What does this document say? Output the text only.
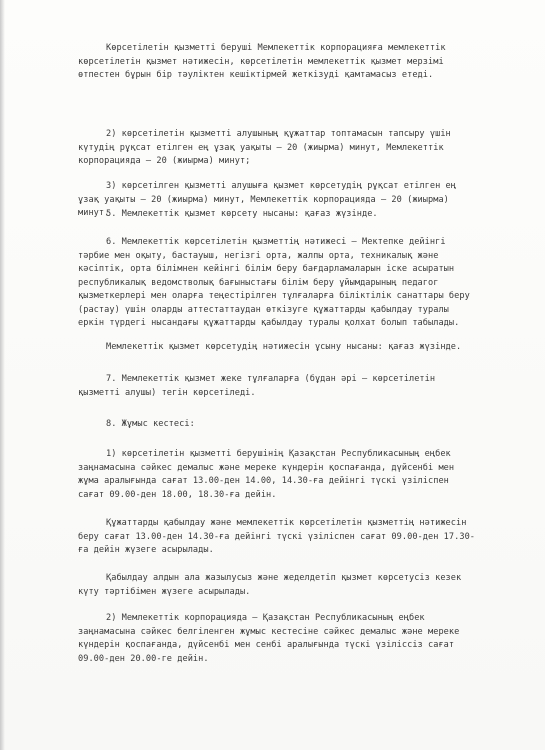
Көрсетілетін қызметті беруші Мемлекеттік корпорацияға мемлекеттік
көрсетілетін қызмет нәтижесін, көрсетілетін мемлекеттік қызмет мерзімі
өтпестен бұрын бір тәуліктен кешіктірмей жеткізуді қамтамасыз етеді.
2) көрсетілетін қызметті алушының құжаттар топтамасын тапсыру үшін
күтудің рұқсат етілген ең ұзақ уақыты – 20 (жиырма) минут, Мемлекеттік
корпорацияда – 20 (жиырма) минут;
3) көрсетілген қызметті алушыға қызмет көрсетудің рұқсат етілген ең
ұзақ уақыты – 20 (жиырма) минут, Мемлекеттік корпорацияда – 20 (жиырма)
минут.
5. Мемлекеттік қызмет көрсету нысаны: қағаз жүзінде.
6. Мемлекеттік көрсетілетін қызметтің нәтижесі – Мектепке дейінгі
тәрбие мен оқыту, бастауыш, негізгі орта, жалпы орта, техникалық және
кәсіптік, орта білімнен кейінгі білім беру бағдарламаларын іске асыратын
республикалық ведомстволық бағыныстағы білім беру ұйымдарының педагог
қызметкерлері мен оларға теңестірілген тұлғаларға біліктілік санаттары беру
(растау) үшін оларды аттестаттаудан өткізуге құжаттарды қабылдау туралы
еркін түрдегі нысандағы құжаттарды қабылдау туралы қолхат болып табылады.
Мемлекеттік қызмет көрсетудің нәтижесін ұсыну нысаны: қағаз жүзінде.
7. Мемлекеттік қызмет жеке тұлғаларға (бұдан әрі – көрсетілетін
қызметті алушы) тегін көрсетіледі.
8. Жұмыс кестесі:
1) көрсетілетін қызметті берушінің Қазақстан Республикасының еңбек
заңнамасына сәйкес демалыс және мереке күндерін қоспағанда, дүйсенбі мен
жұма аралығында сағат 13.00-ден 14.00, 14.30-ға дейінгі түскі үзіліспен
сағат 09.00-ден 18.00, 18.30-ға дейін.
Құжаттарды қабылдау және мемлекеттік көрсетілетін қызметтің нәтижесін
беру сағат 13.00-ден 14.30-ға дейінгі түскі үзіліспен сағат 09.00-ден 17.30-
ға дейін жүзеге асырылады.
Қабылдау алдын ала жазылусыз және жеделдетіп қызмет көрсетусіз кезек
күту тәртібімен жүзеге асырылады.
2) Мемлекеттік корпорацияда – Қазақстан Республикасының еңбек
заңнамасына сәйкес белгіленген жұмыс кестесіне сәйкес демалыс және мереке
күндерін қоспағанда, дүйсенбі мен сенбі аралығында түскі үзіліссіз сағат
09.00-ден 20.00-ге дейін.
